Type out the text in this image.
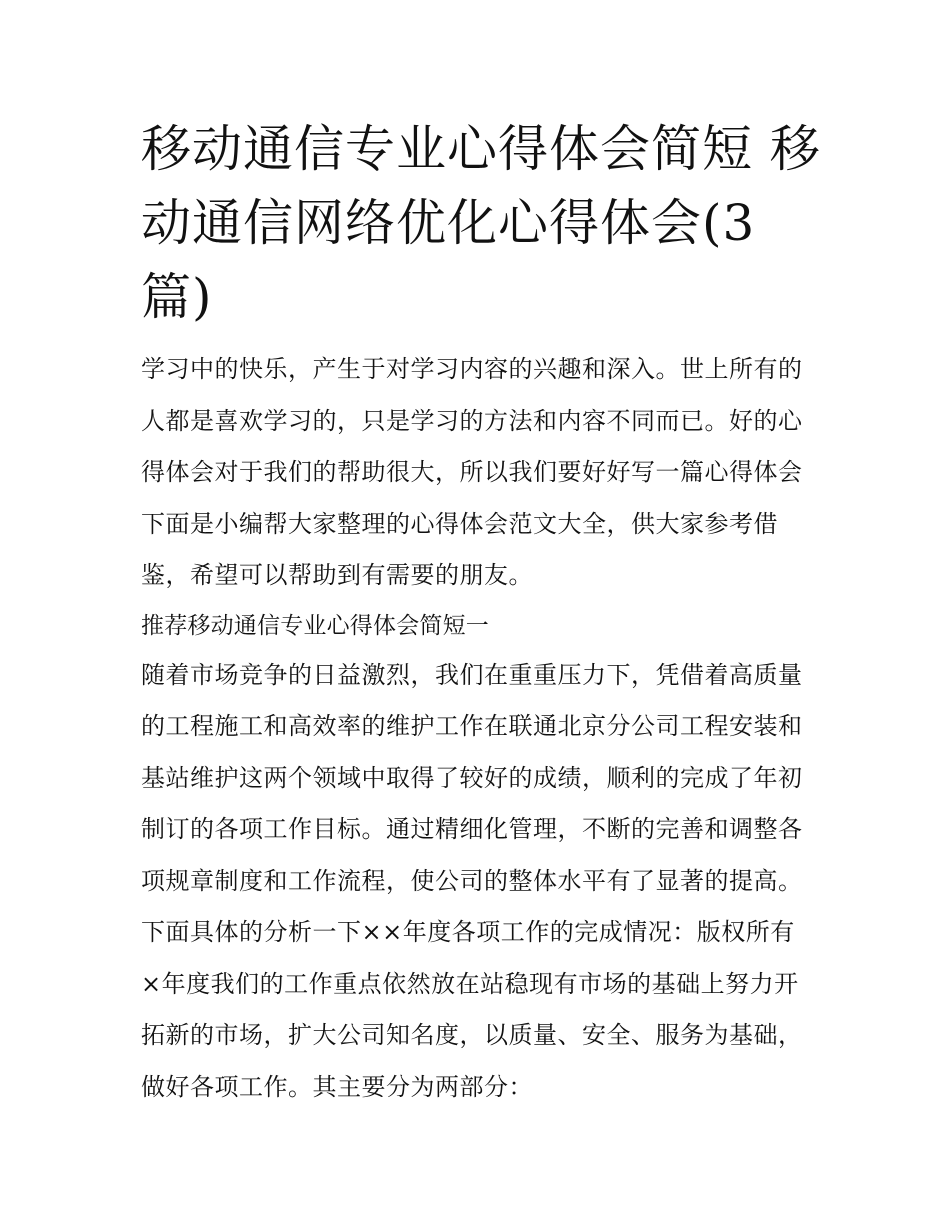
移动通信专业心得体会简短 移动通信网络优化心得体会(3篇)

学习中的快乐，产生于对学习内容的兴趣和深入。世上所有的人都是喜欢学习的，只是学习的方法和内容不同而已。好的心得体会对于我们的帮助很大，所以我们要好好写一篇心得体会下面是小编帮大家整理的心得体会范文大全，供大家参考借鉴，希望可以帮助到有需要的朋友。

推荐移动通信专业心得体会简短一

随着市场竞争的日益激烈，我们在重重压力下，凭借着高质量的工程施工和高效率的维护工作在联通北京分公司工程安装和基站维护这两个领域中取得了较好的成绩，顺利的完成了年初制订的各项工作目标。通过精细化管理，不断的完善和调整各项规章制度和工作流程，使公司的整体水平有了显著的提高。下面具体的分析一下××年度各项工作的完成情况：版权所有

×年度我们的工作重点依然放在站稳现有市场的基础上努力开拓新的市场，扩大公司知名度，以质量、安全、服务为基础，做好各项工作。其主要分为两部分：
